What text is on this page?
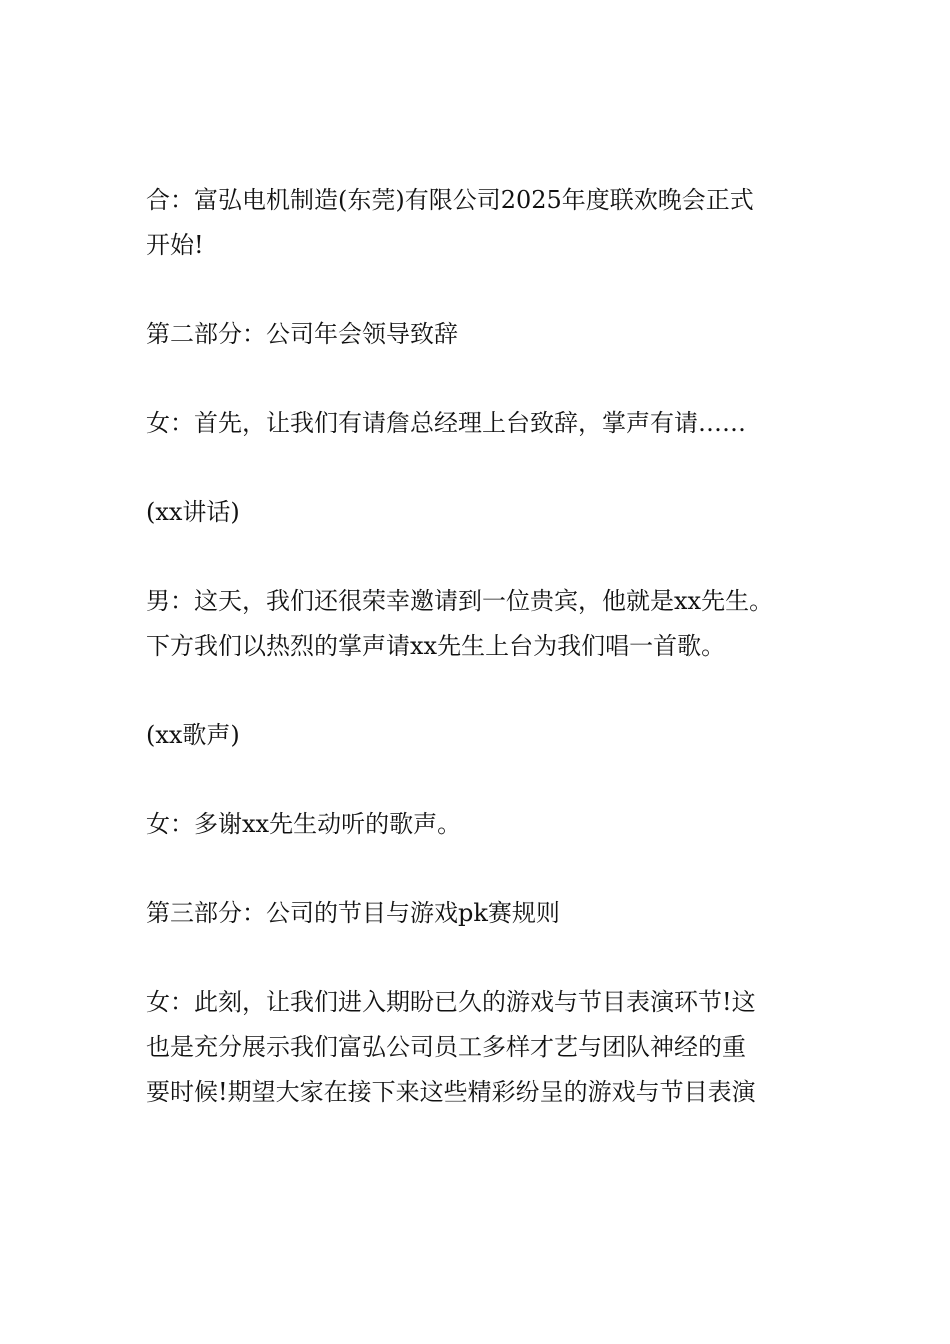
合：富弘电机制造(东莞)有限公司2025年度联欢晚会正式
开始!

第二部分：公司年会领导致辞

女：首先，让我们有请詹总经理上台致辞，掌声有请……

(xx讲话)

男：这天，我们还很荣幸邀请到一位贵宾，他就是xx先生。
下方我们以热烈的掌声请xx先生上台为我们唱一首歌。

(xx歌声)

女：多谢xx先生动听的歌声。

第三部分：公司的节目与游戏pk赛规则

女：此刻，让我们进入期盼已久的游戏与节目表演环节!这
也是充分展示我们富弘公司员工多样才艺与团队神经的重
要时候!期望大家在接下来这些精彩纷呈的游戏与节目表演
